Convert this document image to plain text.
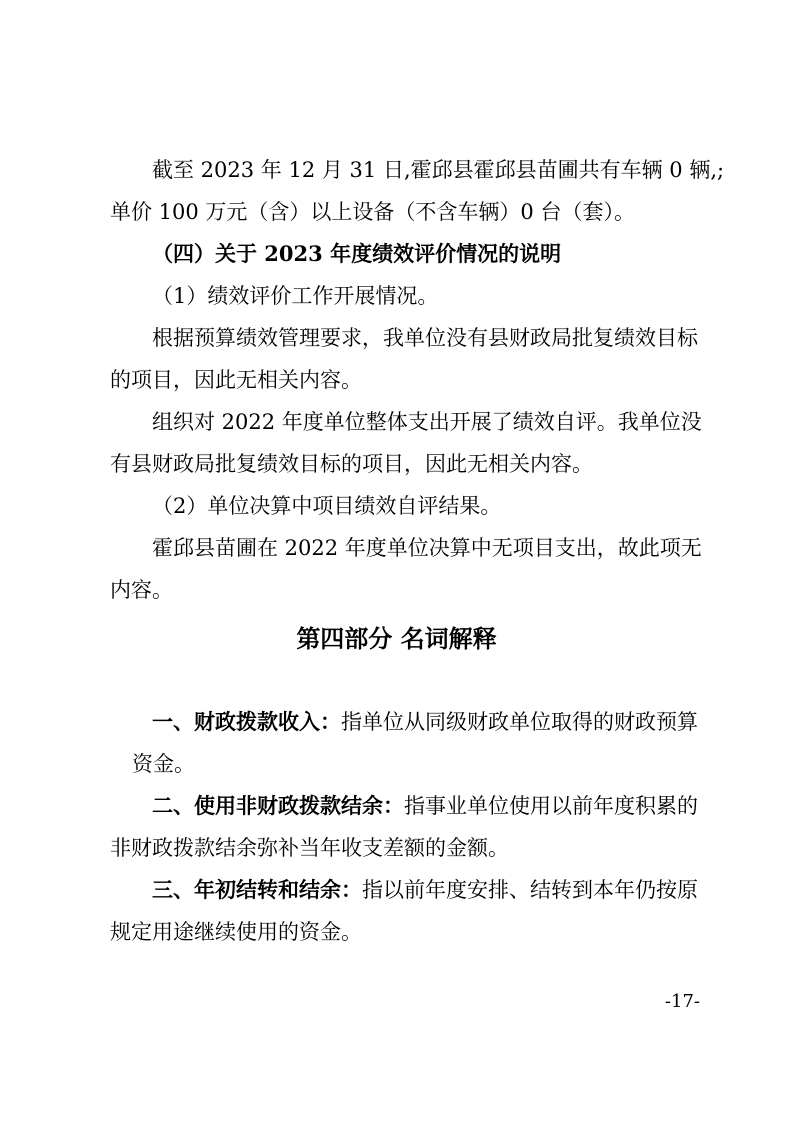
截至 2023 年 12 月 31 日,霍邱县霍邱县苗圃共有车辆 0 辆,;

单价 100 万元（含）以上设备（不含车辆）0 台（套）。

（四）关于 2023 年度绩效评价情况的说明

（1）绩效评价工作开展情况。

根据预算绩效管理要求，我单位没有县财政局批复绩效目标

的项目，因此无相关内容。

组织对 2022 年度单位整体支出开展了绩效自评。我单位没

有县财政局批复绩效目标的项目，因此无相关内容。

（2）单位决算中项目绩效自评结果。

霍邱县苗圃在 2022 年度单位决算中无项目支出，故此项无

内容。

第四部分 名词解释

一、财政拨款收入：指单位从同级财政单位取得的财政预算

资金。

二、使用非财政拨款结余：指事业单位使用以前年度积累的

非财政拨款结余弥补当年收支差额的金额。

三、年初结转和结余：指以前年度安排、结转到本年仍按原

规定用途继续使用的资金。

-17-
